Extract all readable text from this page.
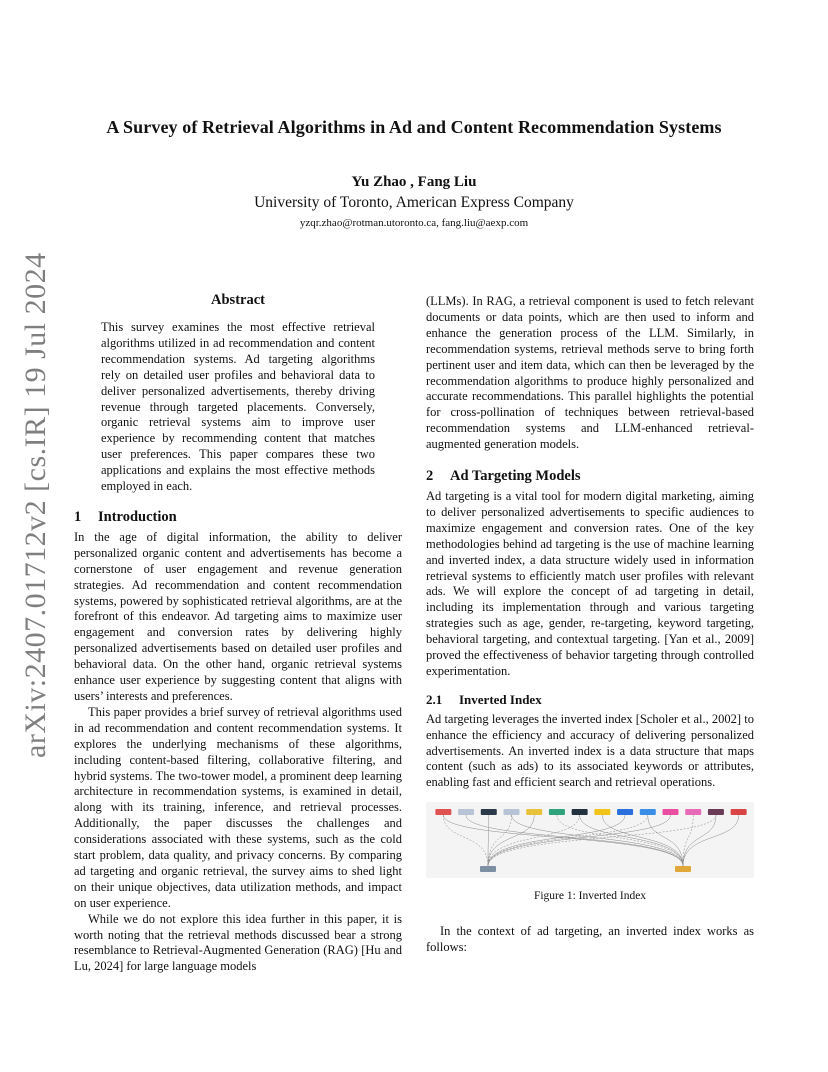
A Survey of Retrieval Algorithms in Ad and Content Recommendation Systems
Yu Zhao , Fang Liu
University of Toronto, American Express Company
yzqr.zhao@rotman.utoronto.ca, fang.liu@aexp.com
arXiv:2407.01712v2 [cs.IR] 19 Jul 2024	Abstract
This survey examines the most effective retrieval algorithms utilized in ad recommendation and content recommendation systems. Ad targeting algorithms rely on detailed user profiles and behavioral data to deliver personalized advertisements, thereby driving revenue through targeted placements. Conversely, organic retrieval systems aim to improve user experience by recommending content that matches user preferences. This paper compares these two applications and explains the most effective methods employed in each.
1 Introduction

In the age of digital information, the ability to deliver personalized organic content and advertisements has become a cornerstone of user engagement and revenue generation strategies. Ad recommendation and content recommendation systems, powered by sophisticated retrieval algorithms, are at the forefront of this endeavor. Ad targeting aims to maximize user engagement and conversion rates by delivering highly personalized advertisements based on detailed user profiles and behavioral data. On the other hand, organic retrieval systems enhance user experience by suggesting content that aligns with users’ interests and preferences.

This paper provides a brief survey of retrieval algorithms used in ad recommendation and content recommendation systems. It explores the underlying mechanisms of these algorithms, including content-based filtering, collaborative filtering, and hybrid systems. The two-tower model, a prominent deep learning architecture in recommendation systems, is examined in detail, along with its training, inference, and retrieval processes. Additionally, the paper discusses the challenges and considerations associated with these systems, such as the cold start problem, data quality, and privacy concerns. By comparing ad targeting and organic retrieval, the survey aims to shed light on their unique objectives, data utilization methods, and impact on user experience.

While we do not explore this idea further in this paper, it is worth noting that the retrieval methods discussed bear a strong resemblance to Retrieval-Augmented Generation (RAG) [Hu and Lu, 2024] for large language models

(LLMs). In RAG, a retrieval component is used to fetch relevant documents or data points, which are then used to inform and enhance the generation process of the LLM. Similarly, in recommendation systems, retrieval methods serve to bring forth pertinent user and item data, which can then be leveraged by the recommendation algorithms to produce highly personalized and accurate recommendations. This parallel highlights the potential for cross-pollination of techniques between retrieval-based recommendation systems and LLM-enhanced retrieval-augmented generation models.

2 Ad Targeting Models

Ad targeting is a vital tool for modern digital marketing, aiming to deliver personalized advertisements to specific audiences to maximize engagement and conversion rates. One of the key methodologies behind ad targeting is the use of machine learning and inverted index, a data structure widely used in information retrieval systems to efficiently match user profiles with relevant ads. We will explore the concept of ad targeting in detail, including its implementation through and various targeting strategies such as age, gender, re-targeting, keyword targeting, behavioral targeting, and contextual targeting. [Yan et al., 2009] proved the effectiveness of behavior targeting through controlled experimentation.

2.1 Inverted Index

Ad targeting leverages the inverted index [Scholer et al., 2002] to enhance the efficiency and accuracy of delivering personalized advertisements. An inverted index is a data structure that maps content (such as ads) to its associated keywords or attributes, enabling fast and efficient search and retrieval operations.

Figure 1: Inverted Index

In the context of ad targeting, an inverted index works as follows:
